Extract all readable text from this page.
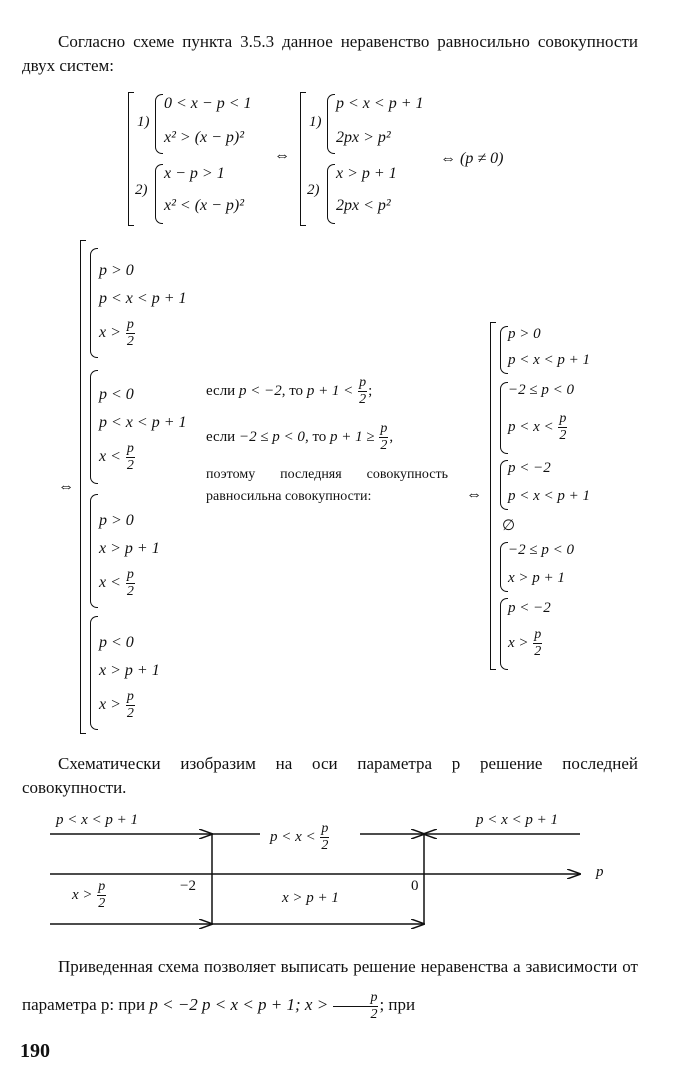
Согласно схеме пункта 3.5.3 данное неравенство равносильно совокупности двух систем:
1)
0 < x − p < 1
x² > (x − p)²
2)
x − p > 1
x² < (x − p)²
⇔
1)
p < x < p + 1
2px > p²
2)
x > p + 1
2px < p²
⇔ (p ≠ 0)
⇔
p > 0
p < x < p + 1
$x > \frac{p}{2}$
p < 0
p < x < p + 1
$x < \frac{p}{2}$
p > 0
x > p + 1
$x < \frac{p}{2}$
p < 0
x > p + 1
$x > \frac{p}{2}$
если p < −2, то $p + 1 < \frac{p}{2}$ ;
если −2 ≤ p < 0, то $p + 1 \ge \frac{p}{2}$ ,
поэтому последняя совокупность равносильна совокупности:	⇔
p > 0
p < x < p + 1
−2 ≤ p < 0
$p < x < \frac{p}{2}$
p < −2
p < x < p + 1
∅
−2 ≤ p < 0
x > p + 1
p < −2
$x > \frac{p}{2}$
Схематически изобразим на оси параметра p решение последней совокупности.
p
−2	0
p < x < p + 1
$p < x < \frac{p}{2}$
p < x < p + 1
$x > \frac{p}{2}$	x > p + 1
Приведенная схема позволяет выписать решение неравенства а зависимости от параметра p: при p < −2 p < x < p + 1; $x > \frac{p}{2}$ ; при
190
